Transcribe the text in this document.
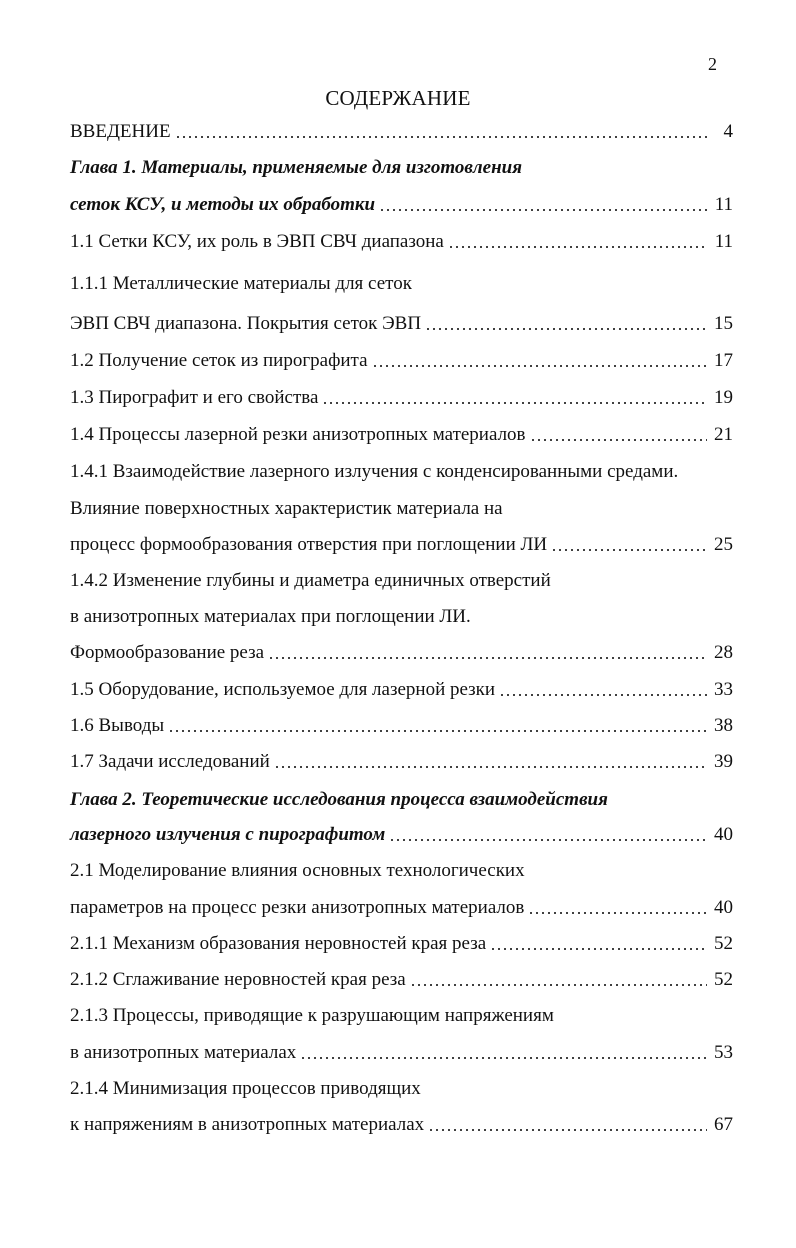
2
СОДЕРЖАНИЕ
ВВЕДЕНИЕ	4
Глава 1. Материалы, применяемые для изготовления
сеток КСУ, и методы их обработки	11
1.1 Сетки КСУ, их роль в ЭВП СВЧ диапазона	11
1.1.1 Металлические материалы для сеток
ЭВП СВЧ диапазона. Покрытия сеток ЭВП	15
1.2 Получение сеток из пирографита	17
1.3 Пирографит и его свойства	19
1.4 Процессы лазерной резки анизотропных материалов	21
1.4.1 Взаимодействие лазерного излучения с конденсированными средами.
Влияние поверхностных характеристик материала на
процесс формообразования отверстия при поглощении ЛИ	25
1.4.2 Изменение глубины и диаметра единичных отверстий
в анизотропных материалах при поглощении ЛИ.
Формообразование реза	28
1.5 Оборудование, используемое для лазерной резки	33
1.6 Выводы	38
1.7 Задачи исследований	39
Глава 2. Теоретические исследования процесса взаимодействия
лазерного излучения с пирографитом	40
2.1 Моделирование влияния основных технологических
параметров на процесс резки анизотропных материалов	40
2.1.1 Механизм образования неровностей края реза	52
2.1.2 Сглаживание неровностей края реза	52
2.1.3 Процессы, приводящие к разрушающим напряжениям
в анизотропных материалах	53
2.1.4 Минимизация процессов приводящих
к напряжениям в анизотропных материалах	67
